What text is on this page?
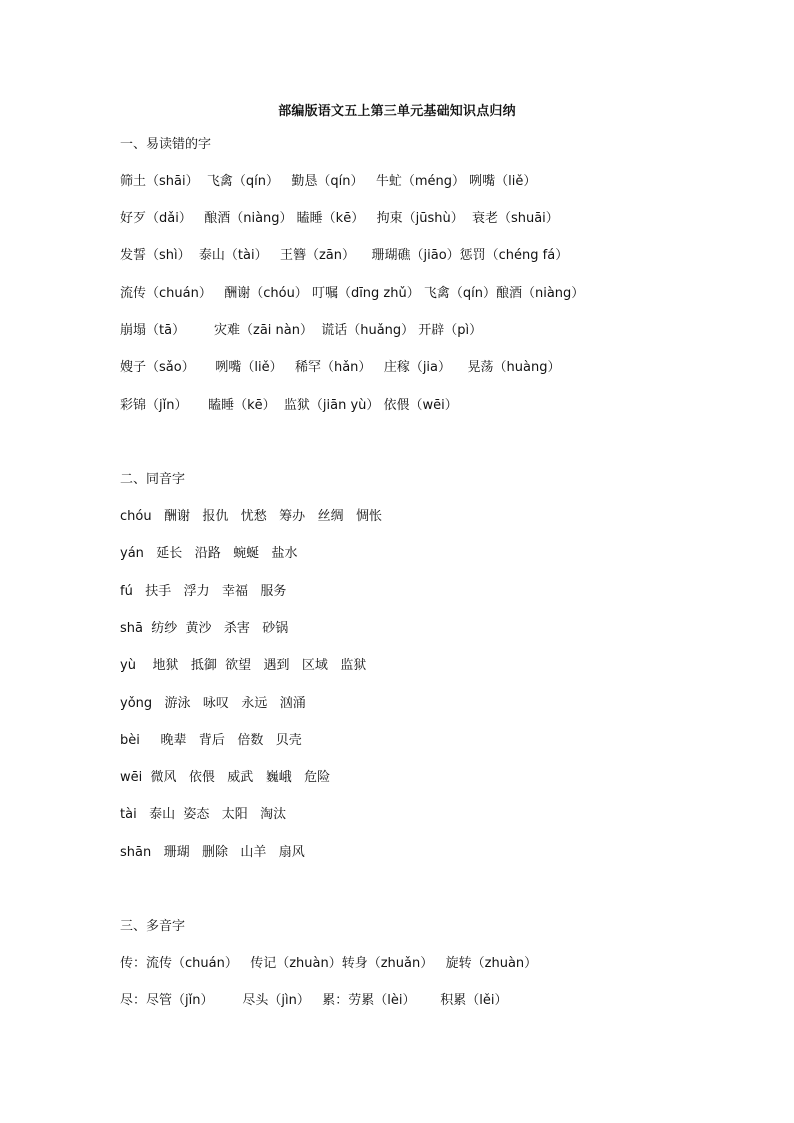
部编版语文五上第三单元基础知识点归纳
一、易读错的字
筛土（shāi）  飞禽（qín）   勤恳（qín）   牛虻（méng） 咧嘴（liě）
好歹（dǎi）   酿酒（niàng） 瞌睡（kē）   拘束（jūshù）  衰老（shuāi）
发誓（shì）  泰山（tài）   王簪（zān）    珊瑚礁（jiāo）惩罚（chéng fá）
流传（chuán）   酬谢（chóu） 叮嘱（dīng zhǔ） 飞禽（qín）酿酒（niàng）
崩塌（tā）       灾难（zāi nàn）  谎话（huǎng） 开辟（pì）
嫂子（sǎo）     咧嘴（liě）   稀罕（hǎn）   庄稼（jia）    晃荡（huàng）
彩锦（jǐn）     瞌睡（kē）  监狱（jiān yù） 依偎（wēi）
二、同音字
chóu   酬谢   报仇   忧愁   筹办   丝绸   惆怅
yán   延长   沿路   蜿蜒   盐水
fú   扶手   浮力   幸福   服务
shā  纺纱  黄沙   杀害   砂锅
yù    地狱   抵御  欲望   遇到   区域   监狱
yǒng   游泳   咏叹   永远   汹涌
bèi     晚辈   背后   倍数   贝壳
wēi  微风   依偎   威武   巍峨   危险
tài   泰山  姿态   太阳   淘汰
shān   珊瑚   删除   山羊   扇风
三、多音字
传：流传（chuán）   传记（zhuàn）转身（zhuǎn）   旋转（zhuàn）
尽：尽管（jǐn）       尽头（jìn）   累：劳累（lèi）      积累（lěi）
